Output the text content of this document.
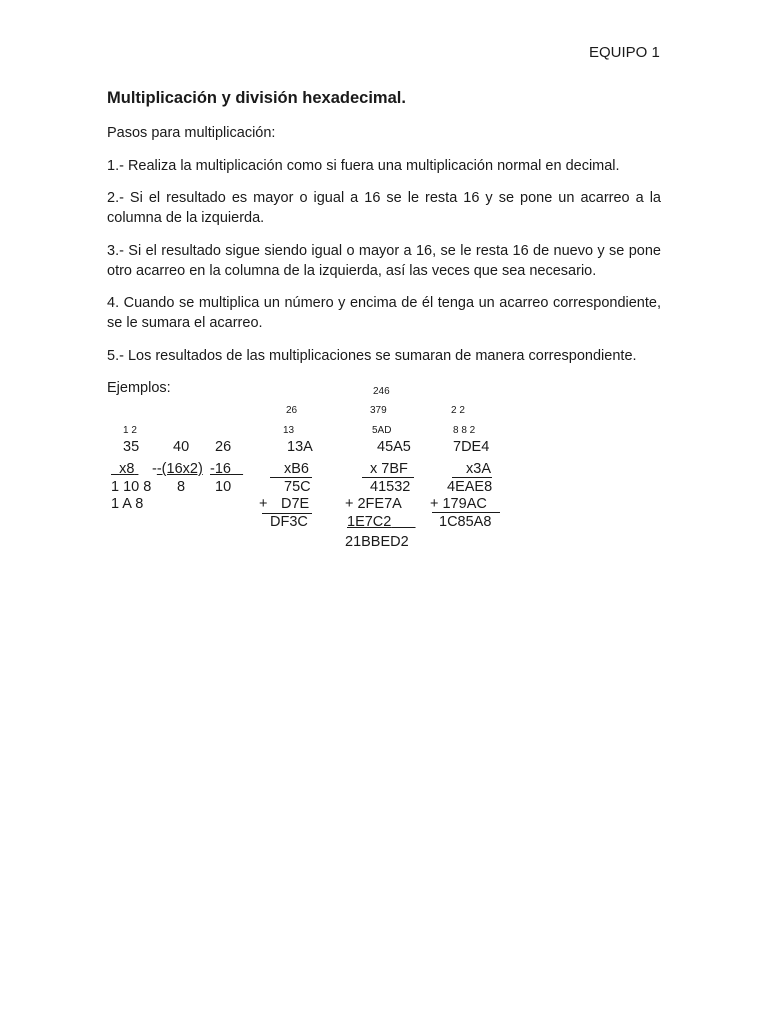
EQUIPO 1
Multiplicación y división hexadecimal.
Pasos para multiplicación:
1.- Realiza la multiplicación como si fuera una multiplicación normal en decimal.
2.- Si el resultado es mayor o igual a 16 se le resta 16 y se pone un acarreo a la columna de la izquierda.
3.- Si el resultado sigue siendo igual o mayor a 16, se le resta 16 de nuevo y se pone otro acarreo en la columna de la izquierda, así las veces que sea necesario.
4. Cuando se multiplica un número y encima de él tenga un acarreo correspondiente, se le sumara el acarreo.
5.- Los resultados de las multiplicaciones se sumaran de manera correspondiente.
Ejemplos:
1 2
35
x8
1 10 8
1 A 8
40
--(16x2)
8
26
-16
10
26
13
13A
xB6
75C
+ D7E
DF3C
246
379
5AD
45A5
x 7BF
41532
+ 2FE7A
1E7C2
21BBED2
2 2
8 8 2
7DE4
x3A
4EAE8
+ 179AC
1C85A8
